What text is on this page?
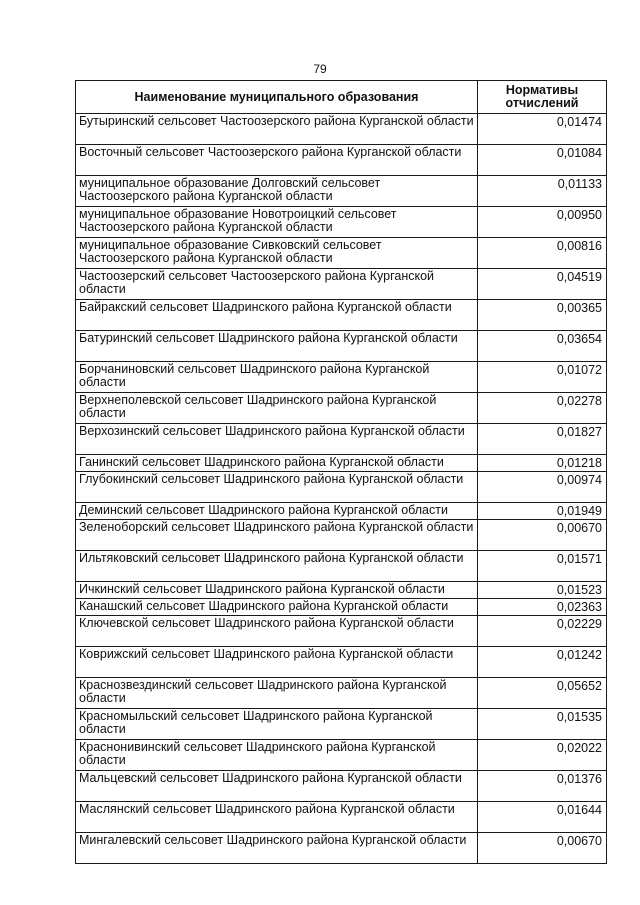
79
Наименование муниципального образования	Нормативы отчислений
Бутыринский сельсовет Частоозерского района Курганской области	0,01474
Восточный сельсовет Частоозерского района Курганской области	0,01084
муниципальное образование Долговский сельсовет Частоозерского района Курганской области	0,01133
муниципальное образование Новотроицкий сельсовет Частоозерского района Курганской области	0,00950
муниципальное образование Сивковский сельсовет Частоозерского района Курганской области	0,00816
Частоозерский сельсовет Частоозерского района Курганской области	0,04519
Байракский сельсовет Шадринского района Курганской области	0,00365
Батуринский сельсовет Шадринского района Курганской области	0,03654
Борчаниновский сельсовет Шадринского района Курганской области	0,01072
Верхнеполевской сельсовет Шадринского района Курганской области	0,02278
Верхозинский сельсовет Шадринского района Курганской области	0,01827
Ганинский сельсовет Шадринского района Курганской области	0,01218
Глубокинский сельсовет Шадринского района Курганской области	0,00974
Деминский сельсовет Шадринского района Курганской области	0,01949
Зеленоборский сельсовет Шадринского района Курганской области	0,00670
Ильтяковский сельсовет Шадринского района Курганской области	0,01571
Ичкинский сельсовет Шадринского района Курганской области	0,01523
Канашский сельсовет Шадринского района Курганской области	0,02363
Ключевской сельсовет Шадринского района Курганской области	0,02229
Коврижский сельсовет Шадринского района Курганской области	0,01242
Краснозвездинский сельсовет Шадринского района Курганской области	0,05652
Красномыльский сельсовет Шадринского района Курганской области	0,01535
Краснонивинский сельсовет Шадринского района Курганской области	0,02022
Мальцевский сельсовет Шадринского района Курганской области	0,01376
Маслянский сельсовет Шадринского района Курганской области	0,01644
Мингалевский сельсовет Шадринского района Курганской области	0,00670
